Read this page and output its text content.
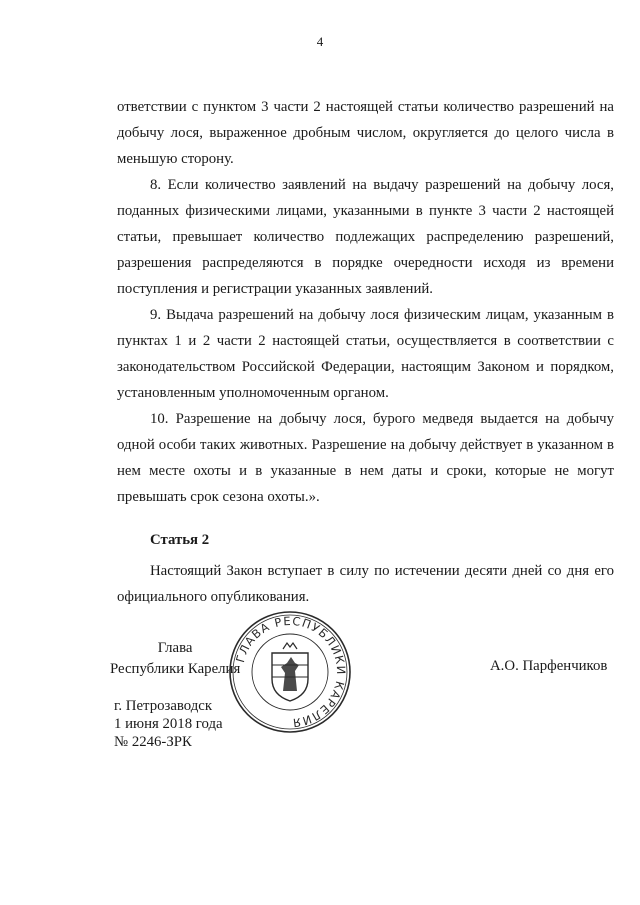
4

ответствии с пунктом 3 части 2 настоящей статьи количество разрешений на добычу лося, выраженное дробным числом, округляется до целого числа в меньшую сторону.

8. Если количество заявлений на выдачу разрешений на добычу лося, поданных физическими лицами, указанными в пункте 3 части 2 настоящей статьи, превышает количество подлежащих распределению разрешений, разрешения распределяются в порядке очередности исходя из времени поступления и регистрации указанных заявлений.

9. Выдача разрешений на добычу лося физическим лицам, указанным в пунктах 1 и 2 части 2 настоящей статьи, осуществляется в соответствии с законодательством Российской Федерации, настоящим Законом и порядком, установленным уполномоченным органом.

10. Разрешение на добычу лося, бурого медведя выдается на добычу одной особи таких животных. Разрешение на добычу действует в указанном в нем месте охоты и в указанные в нем даты и сроки, которые не могут превышать срок сезона охоты.».

Статья 2

Настоящий Закон вступает в силу по истечении десяти дней со дня его официального опубликования.

Глава
Республики Карелия
ГЛАВА РЕСПУБЛИКИ КАРЕЛИЯ
А.О. Парфенчиков
г. Петрозаводск
1 июня 2018 года
№ 2246-ЗРК
